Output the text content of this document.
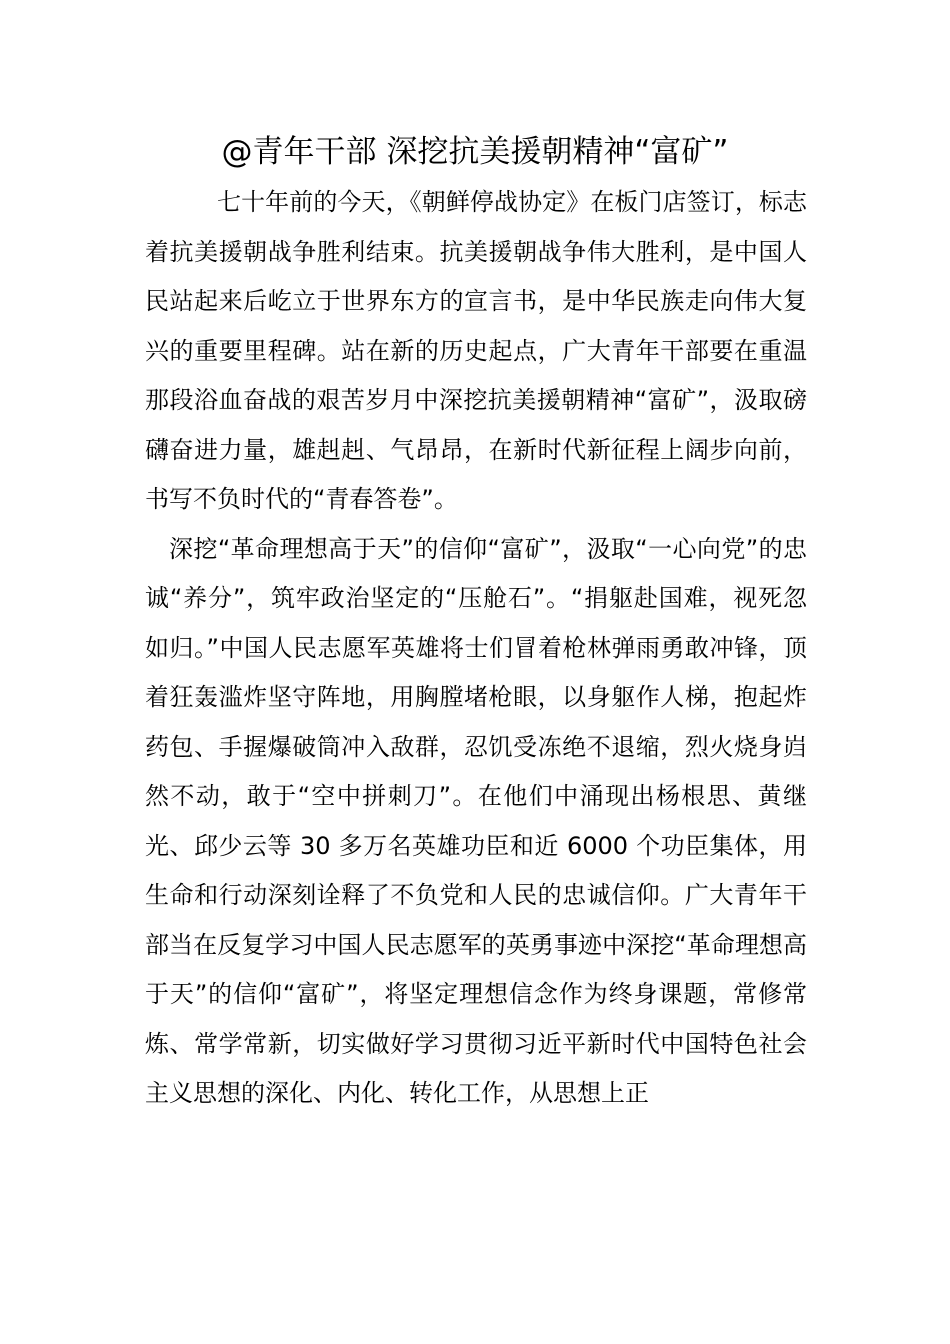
@青年干部 深挖抗美援朝精神“富矿”

七十年前的今天，《朝鲜停战协定》在板门店签订，标志着抗美援朝战争胜利结束。抗美援朝战争伟大胜利，是中国人民站起来后屹立于世界东方的宣言书，是中华民族走向伟大复兴的重要里程碑。站在新的历史起点，广大青年干部要在重温那段浴血奋战的艰苦岁月中深挖抗美援朝精神“富矿”，汲取磅礴奋进力量，雄赳赳、气昂昂，在新时代新征程上阔步向前，书写不负时代的“青春答卷”。

深挖“革命理想高于天”的信仰“富矿”，汲取“一心向党”的忠诚“养分”，筑牢政治坚定的“压舱石”。“捐躯赴国难，视死忽如归。”中国人民志愿军英雄将士们冒着枪林弹雨勇敢冲锋，顶着狂轰滥炸坚守阵地，用胸膛堵枪眼，以身躯作人梯，抱起炸药包、手握爆破筒冲入敌群，忍饥受冻绝不退缩，烈火烧身岿然不动，敢于“空中拼刺刀”。在他们中涌现出杨根思、黄继光、邱少云等 30 多万名英雄功臣和近 6000 个功臣集体，用生命和行动深刻诠释了不负党和人民的忠诚信仰。广大青年干部当在反复学习中国人民志愿军的英勇事迹中深挖“革命理想高于天”的信仰“富矿”，将坚定理想信念作为终身课题，常修常炼、常学常新，切实做好学习贯彻习近平新时代中国特色社会主义思想的深化、内化、转化工作，从思想上正
